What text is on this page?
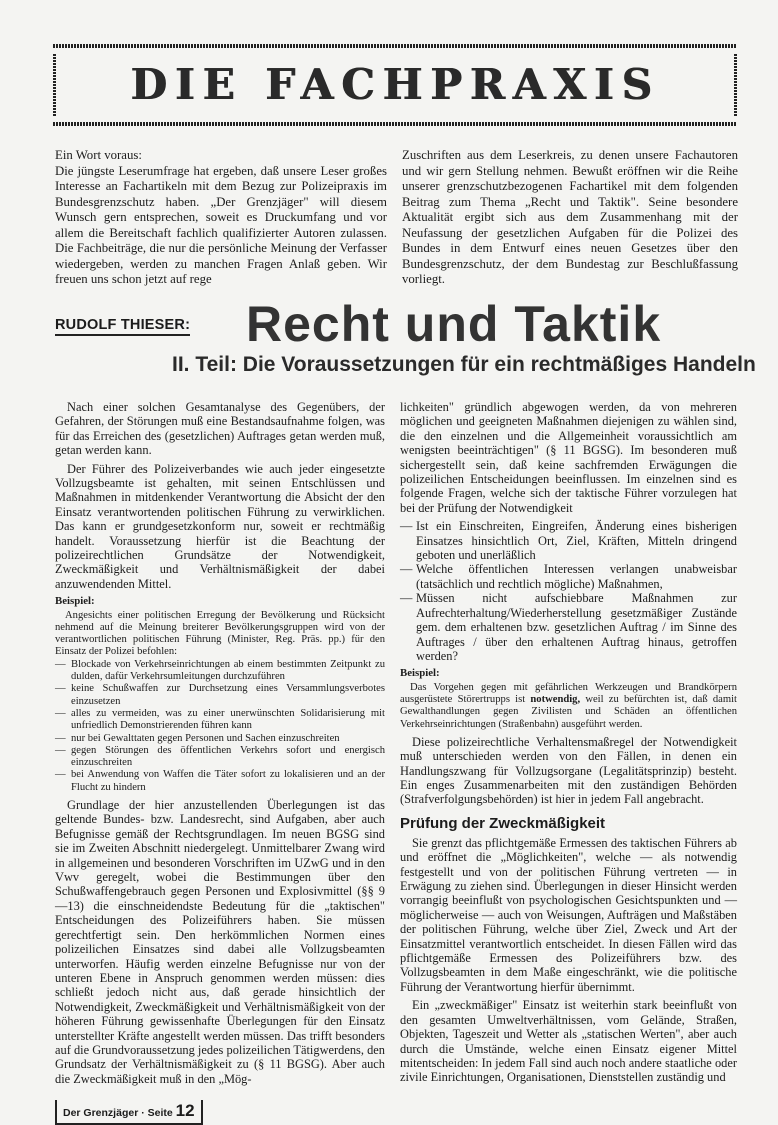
DIE FACHPRAXIS

Ein Wort voraus:

Die jüngste Leserumfrage hat ergeben, daß unsere Leser großes Interesse an Fachartikeln mit dem Bezug zur Polizeipraxis im Bundesgrenzschutz haben. „Der Grenzjäger" will diesem Wunsch gern entsprechen, soweit es Druckumfang und vor allem die Bereitschaft fachlich qualifizierter Autoren zulassen. Die Fachbeiträge, die nur die persönliche Meinung der Verfasser wiedergeben, werden zu manchen Fragen Anlaß geben. Wir freuen uns schon jetzt auf rege

Zuschriften aus dem Leserkreis, zu denen unsere Fachautoren und wir gern Stellung nehmen. Bewußt eröffnen wir die Reihe unserer grenzschutzbezogenen Fachartikel mit dem folgenden Beitrag zum Thema „Recht und Taktik". Seine besondere Aktualität ergibt sich aus dem Zusammenhang mit der Neufassung der gesetzlichen Aufgaben für die Polizei des Bundes in dem Entwurf eines neuen Gesetzes über den Bundesgrenzschutz, der dem Bundestag zur Beschlußfassung vorliegt.

RUDOLF THIESER: Recht und Taktik
II. Teil: Die Voraussetzungen für ein rechtmäßiges Handeln

Nach einer solchen Gesamtanalyse des Gegenübers, der Gefahren, der Störungen muß eine Bestandsaufnahme folgen, was für das Erreichen des (gesetzlichen) Auftrages getan werden muß, getan werden kann.

Der Führer des Polizeiverbandes wie auch jeder eingesetzte Vollzugsbeamte ist gehalten, mit seinen Entschlüssen und Maßnahmen in mitdenkender Verantwortung die Absicht der den Einsatz verantwortenden politischen Führung zu verwirklichen. Das kann er grundgesetzkonform nur, soweit er rechtmäßig handelt. Voraussetzung hierfür ist die Beachtung der polizeirechtlichen Grundsätze der Notwendigkeit, Zweckmäßigkeit und Verhältnismäßigkeit der dabei anzuwendenden Mittel.

Beispiel:

Angesichts einer politischen Erregung der Bevölkerung und Rücksicht nehmend auf die Meinung breiterer Bevölkerungsgruppen wird von der verantwortlichen politischen Führung (Minister, Reg. Präs. pp.) für den Einsatz der Polizei befohlen:

— Blockade von Verkehrseinrichtungen ab einem bestimmten Zeitpunkt zu dulden, dafür Verkehrsumleitungen durchzuführen
— keine Schußwaffen zur Durchsetzung eines Versammlungsverbotes einzusetzen
— alles zu vermeiden, was zu einer unerwünschten Solidarisierung mit unfriedlich Demonstrierenden führen kann
— nur bei Gewalttaten gegen Personen und Sachen einzuschreiten
— gegen Störungen des öffentlichen Verkehrs sofort und energisch einzuschreiten
— bei Anwendung von Waffen die Täter sofort zu lokalisieren und an der Flucht zu hindern

Grundlage der hier anzustellenden Überlegungen ist das geltende Bundes- bzw. Landesrecht, sind Aufgaben, aber auch Befugnisse gemäß der Rechtsgrundlagen. Im neuen BGSG sind sie im Zweiten Abschnitt niedergelegt. Unmittelbarer Zwang wird in allgemeinen und besonderen Vorschriften im UZwG und in den Vwv geregelt, wobei die Bestimmungen über den Schußwaffengebrauch gegen Personen und Explosivmittel (§§ 9—13) die einschneidendste Bedeutung für die „taktischen" Entscheidungen des Polizeiführers haben. Sie müssen gerechtfertigt sein. Den herkömmlichen Normen eines polizeilichen Einsatzes sind dabei alle Vollzugsbeamten unterworfen. Häufig werden einzelne Befugnisse nur von der unteren Ebene in Anspruch genommen werden müssen: dies schließt jedoch nicht aus, daß gerade hinsichtlich der Notwendigkeit, Zweckmäßigkeit und Verhältnismäßigkeit von der höheren Führung gewissenhafte Überlegungen für den Einsatz unterstellter Kräfte angestellt werden müssen. Das trifft besonders auf die Grundvoraussetzung jedes polizeilichen Tätigwerdens, den Grundsatz der Verhältnismäßigkeit zu (§ 11 BGSG). Aber auch die Zweckmäßigkeit muß in den „Mög-

Der Grenzjäger · Seite 12

lichkeiten" gründlich abgewogen werden, da von mehreren möglichen und geeigneten Maßnahmen diejenigen zu wählen sind, die den einzelnen und die Allgemeinheit voraussichtlich am wenigsten beeinträchtigen" (§ 11 BGSG). Im besonderen muß sichergestellt sein, daß keine sachfremden Erwägungen die polizeilichen Entscheidungen beeinflussen. Im einzelnen sind es folgende Fragen, welche sich der taktische Führer vorzulegen hat bei der Prüfung der Notwendigkeit

— Ist ein Einschreiten, Eingreifen, Änderung eines bisherigen Einsatzes hinsichtlich Ort, Ziel, Kräften, Mitteln dringend geboten und unerläßlich
— Welche öffentlichen Interessen verlangen unabweisbar (tatsächlich und rechtlich mögliche) Maßnahmen,
— Müssen nicht aufschiebbare Maßnahmen zur Aufrechterhaltung/Wiederherstellung gesetzmäßiger Zustände gem. dem erhaltenen bzw. gesetzlichen Auftrag / im Sinne des Auftrages / über den erhaltenen Auftrag hinaus, getroffen werden?
Beispiel:

Das Vorgehen gegen mit gefährlichen Werkzeugen und Brandkörpern ausgerüstete Störertrupps ist notwendig, weil zu befürchten ist, daß damit Gewalthandlungen gegen Zivilisten und Schäden an öffentlichen Verkehrseinrichtungen (Straßenbahn) ausgeführt werden.

Diese polizeirechtliche Verhaltensmaßregel der Notwendigkeit muß unterschieden werden von den Fällen, in denen ein Handlungszwang für Vollzugsorgane (Legalitätsprinzip) besteht. Ein enges Zusammenarbeiten mit den zuständigen Behörden (Strafverfolgungsbehörden) ist hier in jedem Fall angebracht.

Prüfung der Zweckmäßigkeit

Sie grenzt das pflichtgemäße Ermessen des taktischen Führers ab und eröffnet die „Möglichkeiten", welche — als notwendig festgestellt und von der politischen Führung vertreten — in Erwägung zu ziehen sind. Überlegungen in dieser Hinsicht werden vorrangig beeinflußt von psychologischen Gesichtspunkten und — möglicherweise — auch von Weisungen, Aufträgen und Maßstäben der politischen Führung, welche über Ziel, Zweck und Art der Einsatzmittel verantwortlich entscheidet. In diesen Fällen wird das pflichtgemäße Ermessen des Polizeiführers bzw. des Vollzugsbeamten in dem Maße eingeschränkt, wie die politische Führung der Verantwortung hierfür übernimmt.

Ein „zweckmäßiger" Einsatz ist weiterhin stark beeinflußt von den gesamten Umweltverhältnissen, vom Gelände, Straßen, Objekten, Tageszeit und Wetter als „statischen Werten", aber auch durch die Umstände, welche einen Einsatz eigener Mittel mitentscheiden: In jedem Fall sind auch noch andere staatliche oder zivile Einrichtungen, Organisationen, Dienststellen zuständig und
